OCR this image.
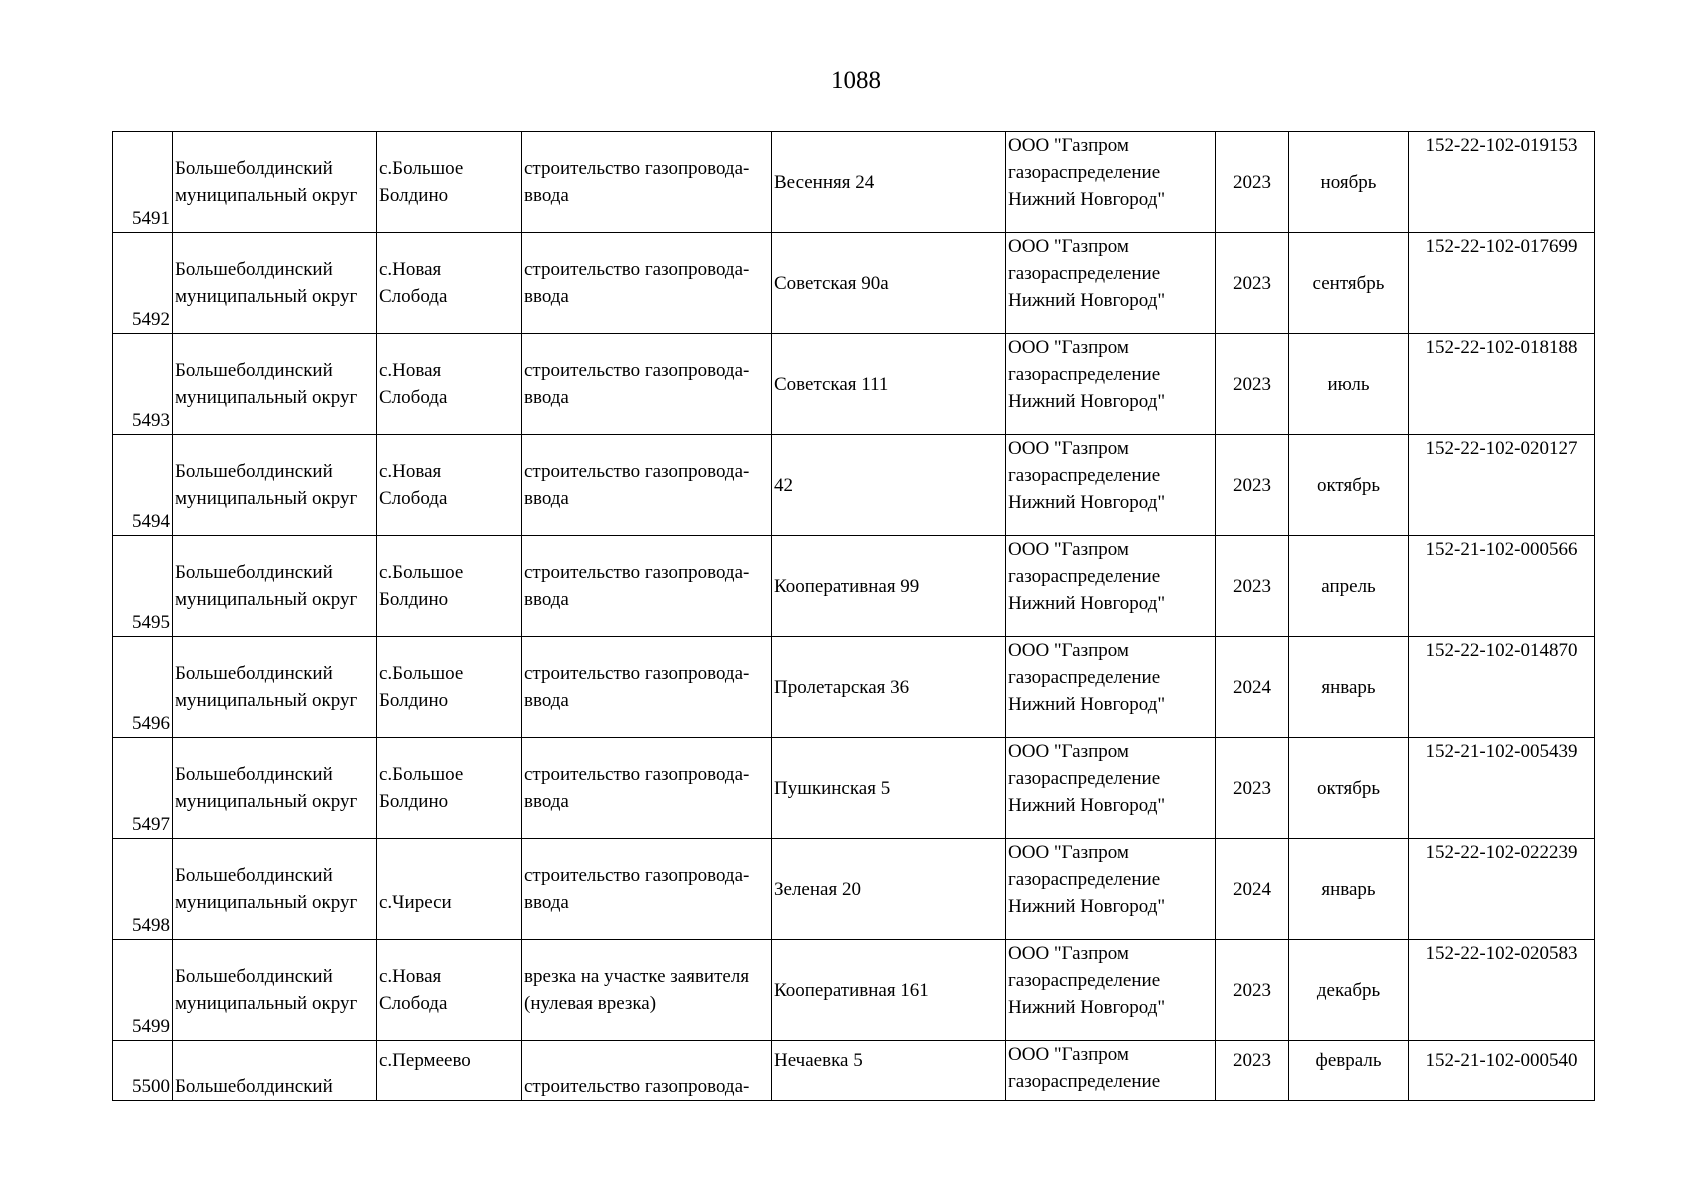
1088
5491	Большеболдинский
муниципальный округ	с.Большое
Болдино	строительство газопровода-
ввода	Весенняя 24	ООО "Газпром
газораспределение
Нижний Новгород"	2023	ноябрь	152-22-102-019153

5492	Большеболдинский
муниципальный округ	с.Новая
Слобода	строительство газопровода-
ввода	Советская 90а	ООО "Газпром
газораспределение
Нижний Новгород"	2023	сентябрь	152-22-102-017699

5493	Большеболдинский
муниципальный округ	с.Новая
Слобода	строительство газопровода-
ввода	Советская 111	ООО "Газпром
газораспределение
Нижний Новгород"	2023	июль	152-22-102-018188

5494	Большеболдинский
муниципальный округ	с.Новая
Слобода	строительство газопровода-
ввода	42	ООО "Газпром
газораспределение
Нижний Новгород"	2023	октябрь	152-22-102-020127

5495	Большеболдинский
муниципальный округ	с.Большое
Болдино	строительство газопровода-
ввода	Кооперативная 99	ООО "Газпром
газораспределение
Нижний Новгород"	2023	апрель	152-21-102-000566

5496	Большеболдинский
муниципальный округ	с.Большое
Болдино	строительство газопровода-
ввода	Пролетарская 36	ООО "Газпром
газораспределение
Нижний Новгород"	2024	январь	152-22-102-014870

5497	Большеболдинский
муниципальный округ	с.Большое
Болдино	строительство газопровода-
ввода	Пушкинская 5	ООО "Газпром
газораспределение
Нижний Новгород"	2023	октябрь	152-21-102-005439

5498	Большеболдинский
муниципальный округ	с.Чиреси	строительство газопровода-
ввода	Зеленая 20	ООО "Газпром
газораспределение
Нижний Новгород"	2024	январь	152-22-102-022239

5499	Большеболдинский
муниципальный округ	с.Новая
Слобода	врезка на участке заявителя
(нулевая врезка)	Кооперативная 161	ООО "Газпром
газораспределение
Нижний Новгород"	2023	декабрь	152-22-102-020583

5500	Большеболдинский	с.Пермеево	строительство газопровода-	Нечаевка 5	ООО "Газпром
газораспределение	2023	февраль	152-21-102-000540
